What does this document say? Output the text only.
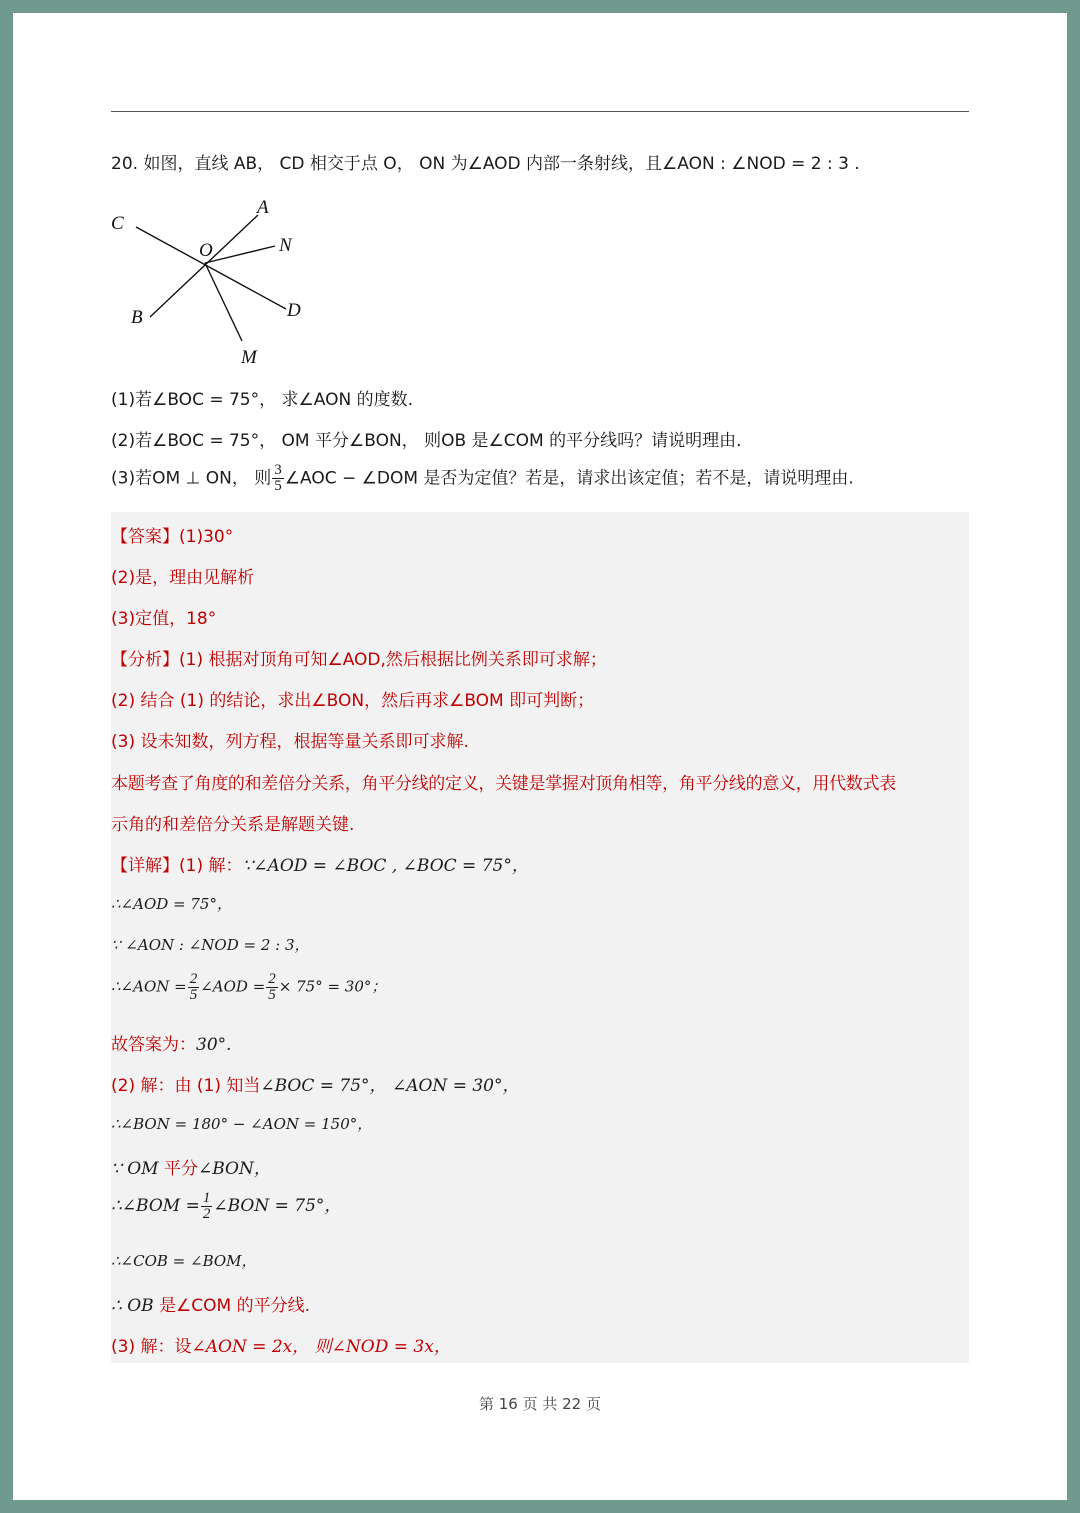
20. 如图，直线 AB， CD 相交于点 O， ON 为∠AOD 内部一条射线，且∠AON : ∠NOD = 2 : 3 .
C
A
O	N
B	D
M
(1)若∠BOC = 75°， 求∠AON 的度数.
(2)若∠BOC = 75°， OM 平分∠BON， 则OB 是∠COM 的平分线吗？请说明理由.
(3)若OM ⊥ ON， 则 $\frac{3}{5}$ ∠AOC − ∠DOM 是否为定值？若是，请求出该定值；若不是，请说明理由.
【答案】(1)30°
(2)是，理由见解析
(3)定值，18°
【分析】(1) 根据对顶角可知∠AOD,然后根据比例关系即可求解；
(2) 结合 (1) 的结论，求出∠BON，然后再求∠BOM 即可判断；
(3) 设未知数，列方程，根据等量关系即可求解.
本题考查了角度的和差倍分关系，角平分线的定义，关键是掌握对顶角相等，角平分线的意义，用代数式表
示角的和差倍分关系是解题关键.
【详解】(1) 解：∵∠AOD = ∠BOC , ∠BOC = 75°，
∴∠AOD = 75°，
∵ ∠AON : ∠NOD = 2 : 3，
∴∠AON = $\frac{2}{5}$ ∠AOD = $\frac{2}{5} \times 75^\circ = 30^\circ$；
故答案为：30°.
(2) 解：由 (1) 知当∠BOC = 75°， ∠AON = 30°，
∴∠BON = 180° − ∠AON = 150°，
∵ OM 平分∠BON，
∴∠BOM = $\frac{1}{2}$ ∠BON = 75°，
∴∠COB = ∠BOM，
∴ OB 是∠COM 的平分线.
(3) 解：设∠AON = 2x， 则∠NOD = 3x，
第 16 页 共 22 页
